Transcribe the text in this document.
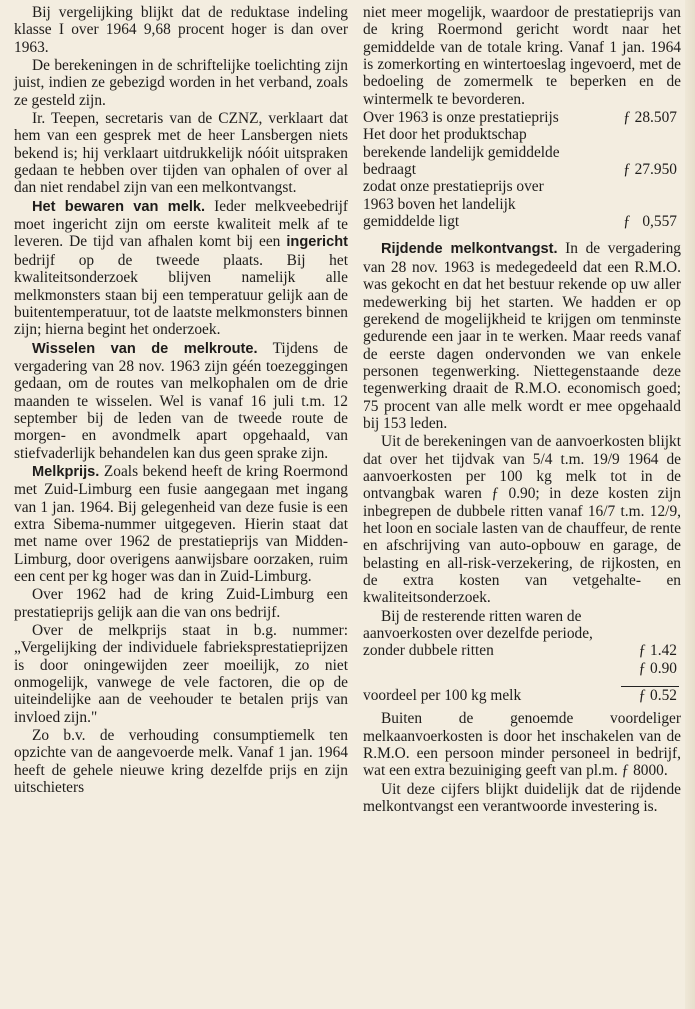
Bij vergelijking blijkt dat de reduktase indeling klasse I over 1964 9,68 procent hoger is dan over 1963.

De berekeningen in de schriftelijke toelichting zijn juist, indien ze gebezigd worden in het verband, zoals ze gesteld zijn.

Ir. Teepen, secretaris van de CZNZ, verklaart dat hem van een gesprek met de heer Lansbergen niets bekend is; hij verklaart uitdrukkelijk nóóit uitspraken gedaan te hebben over tijden van ophalen of over al dan niet rendabel zijn van een melkontvangst.

Het bewaren van melk. Ieder melkveebedrijf moet ingericht zijn om eerste kwaliteit melk af te leveren. De tijd van afhalen komt bij een ingericht bedrijf op de tweede plaats. Bij het kwaliteitsonderzoek blijven namelijk alle melkmonsters staan bij een temperatuur gelijk aan de buitentemperatuur, tot de laatste melkmonsters binnen zijn; hierna begint het onderzoek.

Wisselen van de melkroute. Tijdens de vergadering van 28 nov. 1963 zijn géén toezeggingen gedaan, om de routes van melkophalen om de drie maanden te wisselen. Wel is vanaf 16 juli t.m. 12 september bij de leden van de tweede route de morgen- en avondmelk apart opgehaald, van stiefvaderlijk behandelen kan dus geen sprake zijn.

Melkprijs. Zoals bekend heeft de kring Roermond met Zuid-Limburg een fusie aangegaan met ingang van 1 jan. 1964. Bij gelegenheid van deze fusie is een extra Sibema-nummer uitgegeven. Hierin staat dat met name over 1962 de prestatieprijs van Midden-Limburg, door overigens aanwijsbare oorzaken, ruim een cent per kg hoger was dan in Zuid-Limburg.

Over 1962 had de kring Zuid-Limburg een prestatieprijs gelijk aan die van ons bedrijf.

Over de melkprijs staat in b.g. nummer: „Vergelijking der individuele fabrieksprestatieprijzen is door oningewijden zeer moeilijk, zo niet onmogelijk, vanwege de vele factoren, die op de uiteindelijke aan de veehouder te betalen prijs van invloed zijn."

Zo b.v. de verhouding consumptiemelk ten opzichte van de aangevoerde melk. Vanaf 1 jan. 1964 heeft de gehele nieuwe kring dezelfde prijs en zijn uitschieters

niet meer mogelijk, waardoor de prestatieprijs van de kring Roermond gericht wordt naar het gemiddelde van de totale kring. Vanaf 1 jan. 1964 is zomerkorting en wintertoeslag ingevoerd, met de bedoeling de zomermelk te beperken en de wintermelk te bevorderen.

Over 1963 is onze prestatieprijs	ƒ 28.507
Het door het produktschap
berekende landelijk gemiddelde
bedraagt	ƒ 27.950
zodat onze prestatieprijs over
1963 boven het landelijk
gemiddelde ligt	ƒ   0,557

Rijdende melkontvangst. In de vergadering van 28 nov. 1963 is medegedeeld dat een R.M.O. was gekocht en dat het bestuur rekende op uw aller medewerking bij het starten. We hadden er op gerekend de mogelijkheid te krijgen om tenminste gedurende een jaar in te werken. Maar reeds vanaf de eerste dagen ondervonden we van enkele personen tegenwerking. Niettegenstaande deze tegenwerking draait de R.M.O. economisch goed; 75 procent van alle melk wordt er mee opgehaald bij 153 leden.

Uit de berekeningen van de aanvoerkosten blijkt dat over het tijdvak van 5/4 t.m. 19/9 1964 de aanvoerkosten per 100 kg melk tot in de ontvangbak waren ƒ 0.90; in deze kosten zijn inbegrepen de dubbele ritten vanaf 16/7 t.m. 12/9, het loon en sociale lasten van de chauffeur, de rente en afschrijving van auto-opbouw en garage, de belasting en all-risk-verzekering, de rijkosten, en de extra kosten van vetgehalte- en kwaliteitsonderzoek.

Bij de resterende ritten waren de
aanvoerkosten over dezelfde periode,
zonder dubbele ritten	ƒ 1.42
ƒ 0.90
voordeel per 100 kg melk	ƒ 0.52

Buiten de genoemde voordeliger melkaanvoerkosten is door het inschakelen van de R.M.O. een persoon minder personeel in bedrijf, wat een extra bezuiniging geeft van pl.m. ƒ 8000.

Uit deze cijfers blijkt duidelijk dat de rijdende melkontvangst een verantwoorde investering is.
